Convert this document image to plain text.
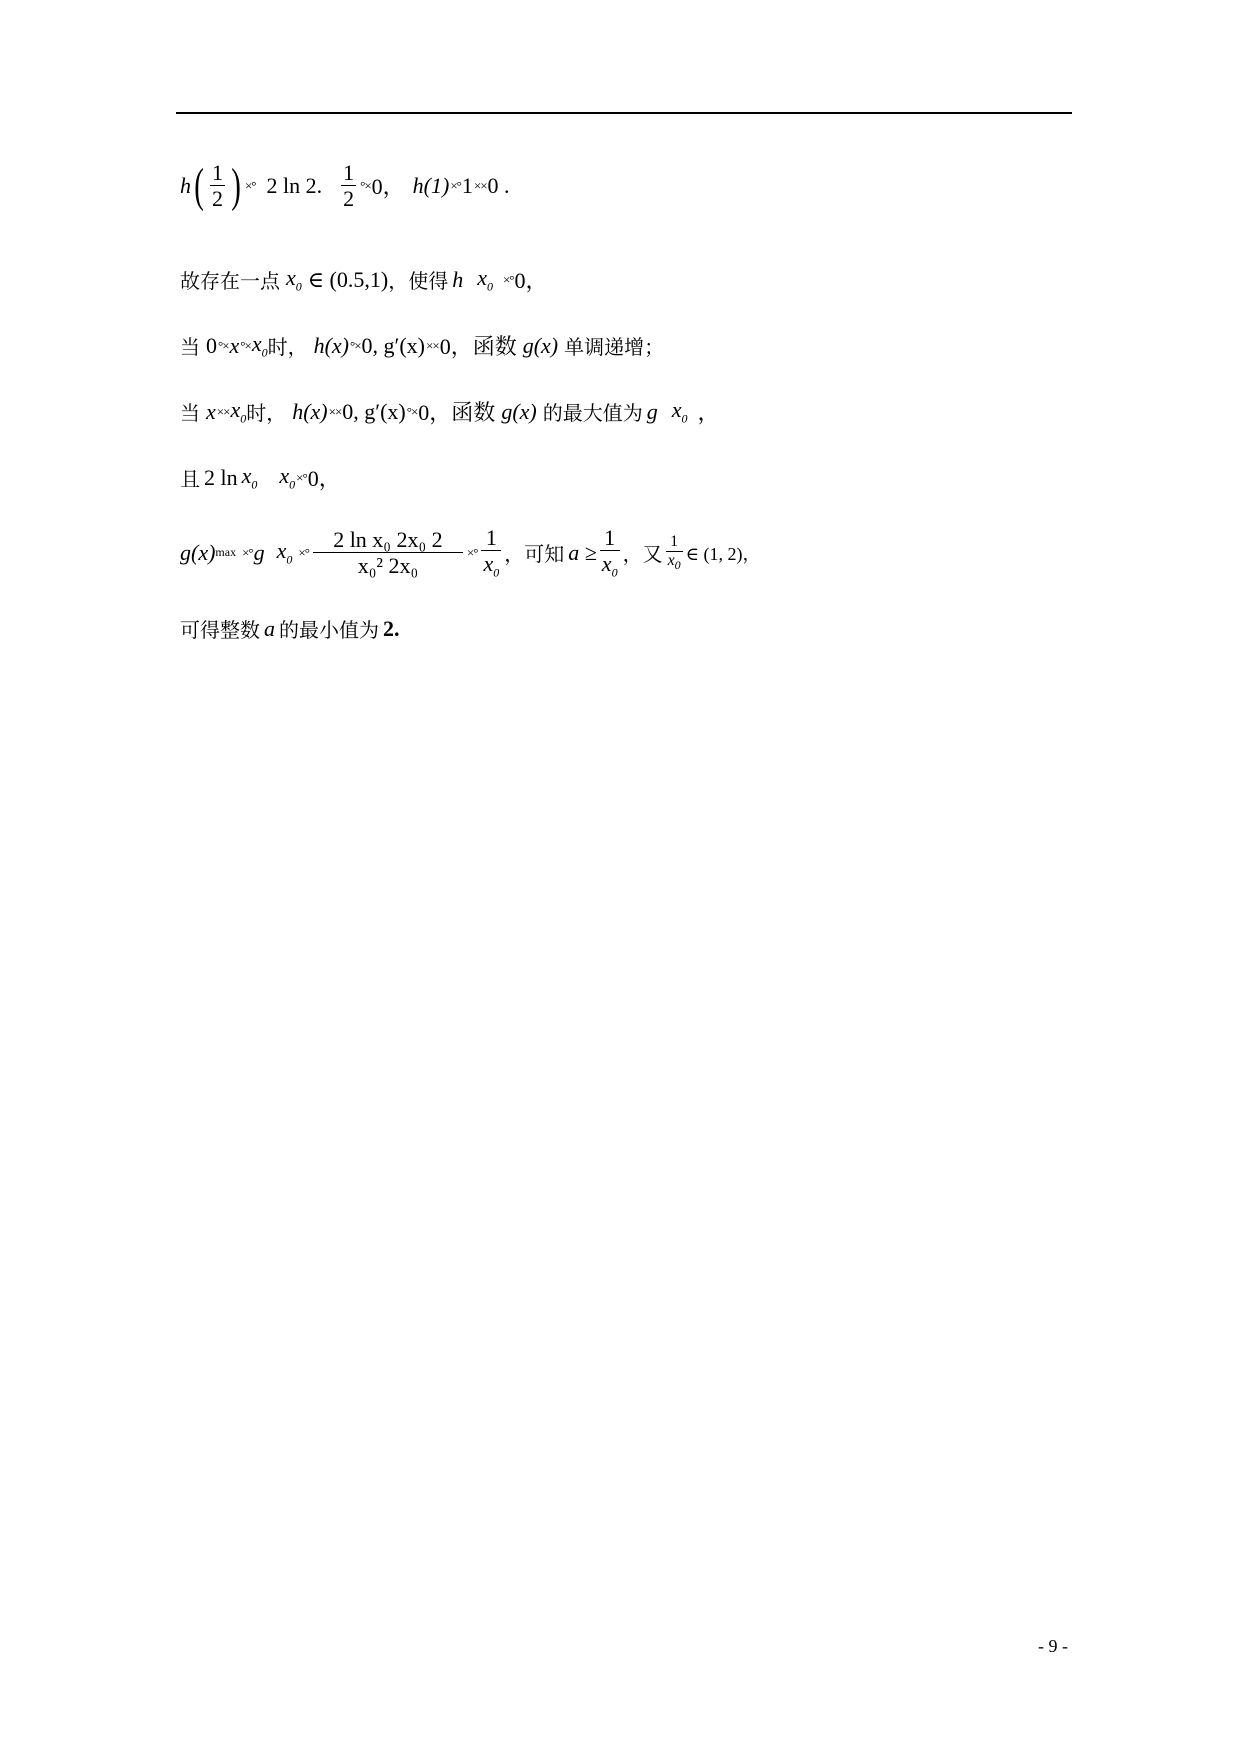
h ( $\frac{1}{2}$ ) ×° 2 ln 2 . $\frac{1}{2}$ °× 0， h(1) ×° 1 ×× 0 .
故存在一点 $x_0$ ∈ (0.5,1) ，使得 h $x_0$ ×° 0，
当 0 °× x °× $x_0$ 时， h(x) °× 0, g′(x) ×× 0，函数 g(x) 单调递增；
当 $x \times\times x_0$ 时， h(x) ×× 0, g′(x) °× 0，函数 g(x) 的最大值为 g $x_0$ ，
且 2 $\ln x_0$ $x_0$ ×° 0，
g(x) max ×° g $x_0$ ×° $\frac{\text{2 ln x₀ 2x₀ 2}}{\text{x₀² 2x₀}}$ ×° $\frac{1}{x_0}$ ，可知 $a \ge \frac{1}{x_0}$ ，又 $\frac{1}{x_0}$ ∈ (1, 2)，
可得整数 a 的最小值为 2.
- 9 -
